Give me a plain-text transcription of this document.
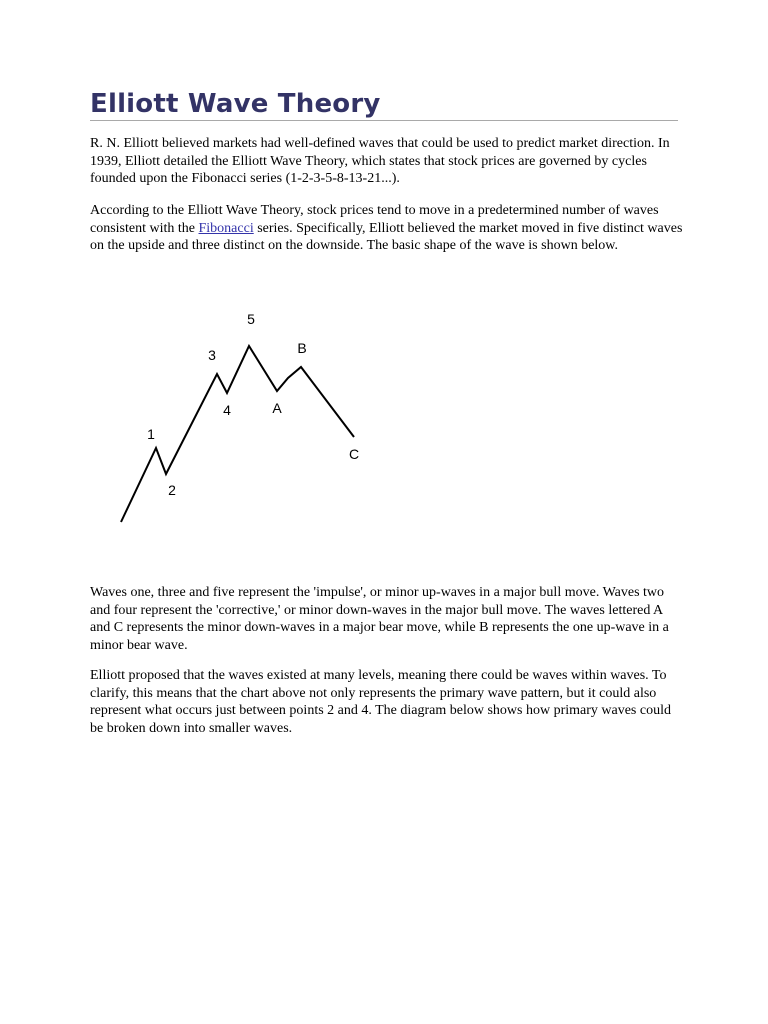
Elliott Wave Theory

R. N. Elliott believed markets had well-defined waves that could be used to predict market direction. In 1939, Elliott detailed the Elliott Wave Theory, which states that stock prices are governed by cycles founded upon the Fibonacci series (1-2-3-5-8-13-21...).

According to the Elliott Wave Theory, stock prices tend to move in a predetermined number of waves consistent with the Fibonacci series. Specifically, Elliott believed the market moved in five distinct waves on the upside and three distinct on the downside. The basic shape of the wave is shown below.

1
2
3
4
5
A
B
C

Waves one, three and five represent the 'impulse', or minor up-waves in a major bull move. Waves two and four represent the 'corrective,' or minor down-waves in the major bull move. The waves lettered A and C represents the minor down-waves in a major bear move, while B represents the one up-wave in a minor bear wave.

Elliott proposed that the waves existed at many levels, meaning there could be waves within waves. To clarify, this means that the chart above not only represents the primary wave pattern, but it could also represent what occurs just between points 2 and 4. The diagram below shows how primary waves could be broken down into smaller waves.
